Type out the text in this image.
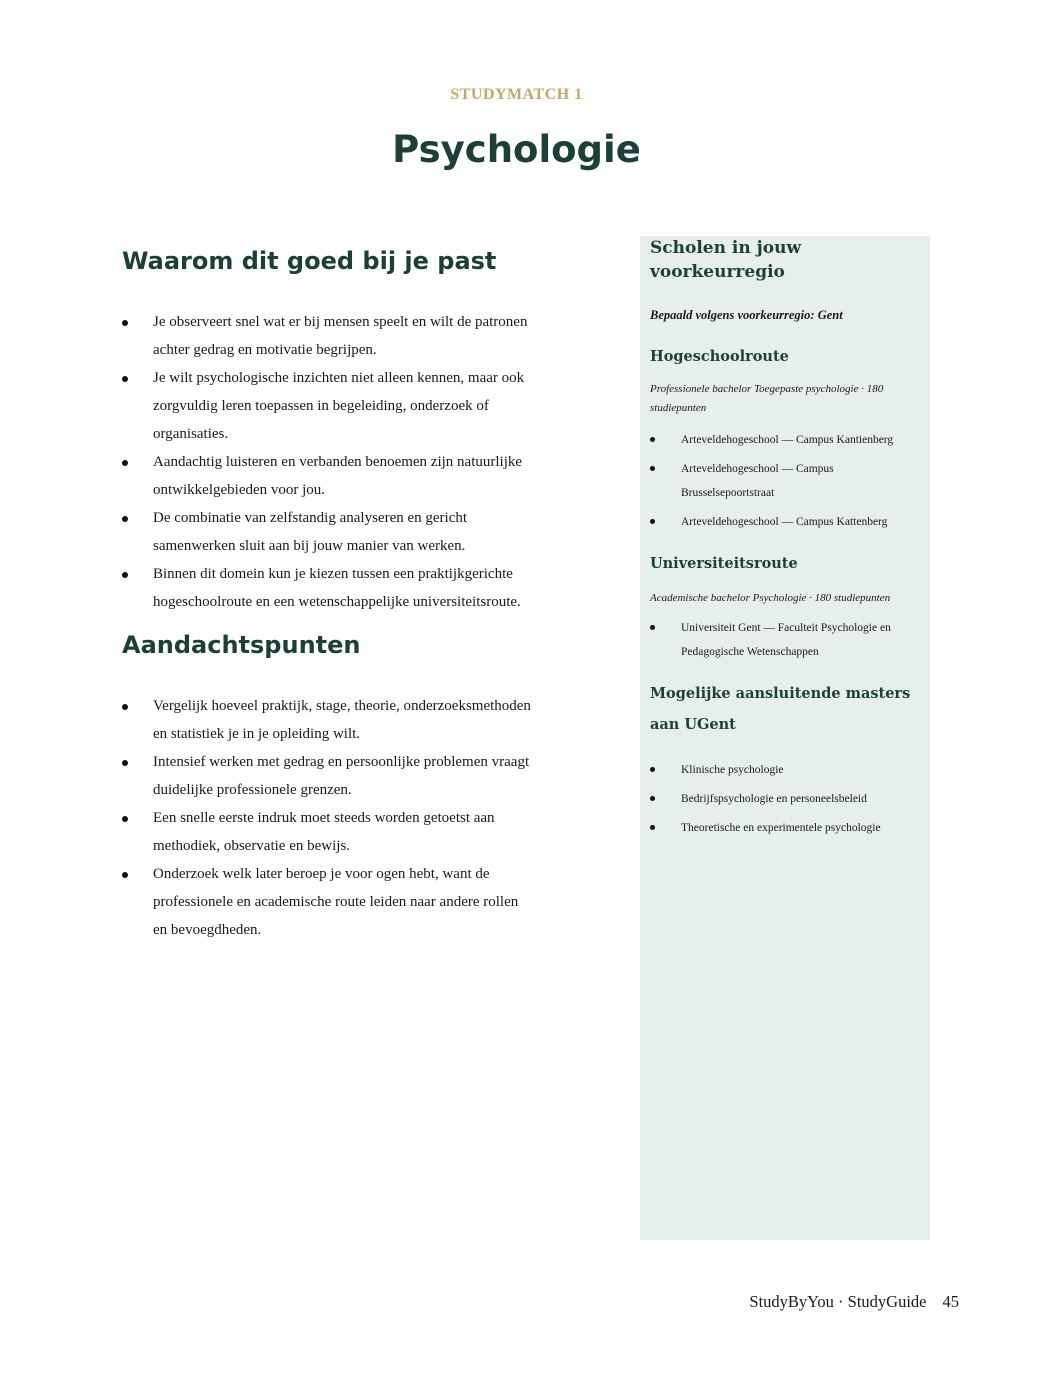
STUDYMATCH 1
Psychologie
Waarom dit goed bij je past
Je observeert snel wat er bij mensen speelt en wilt de patronen achter gedrag en motivatie begrijpen.
Je wilt psychologische inzichten niet alleen kennen, maar ook zorgvuldig leren toepassen in begeleiding, onderzoek of organisaties.
Aandachtig luisteren en verbanden benoemen zijn natuurlijke ontwikkelgebieden voor jou.
De combinatie van zelfstandig analyseren en gericht samenwerken sluit aan bij jouw manier van werken.
Binnen dit domein kun je kiezen tussen een praktijkgerichte hogeschoolroute en een wetenschappelijke universiteitsroute.
Aandachtspunten
Vergelijk hoeveel praktijk, stage, theorie, onderzoeksmethoden en statistiek je in je opleiding wilt.
Intensief werken met gedrag en persoonlijke problemen vraagt duidelijke professionele grenzen.
Een snelle eerste indruk moet steeds worden getoetst aan methodiek, observatie en bewijs.
Onderzoek welk later beroep je voor ogen hebt, want de professionele en academische route leiden naar andere rollen en bevoegdheden.
Scholen in jouw voorkeurregio
Bepaald volgens voorkeurregio: Gent
Hogeschoolroute
Professionele bachelor Toegepaste psychologie · 180 studiepunten
Arteveldehogeschool — Campus Kantienberg
Arteveldehogeschool — Campus Brusselsepoortstraat
Arteveldehogeschool — Campus Kattenberg
Universiteitsroute
Academische bachelor Psychologie · 180 studiepunten
Universiteit Gent — Faculteit Psychologie en Pedagogische Wetenschappen
Mogelijke aansluitende masters aan UGent
Klinische psychologie
Bedrijfspsychologie en personeelsbeleid
Theoretische en experimentele psychologie
StudyByYou · StudyGuide 45
